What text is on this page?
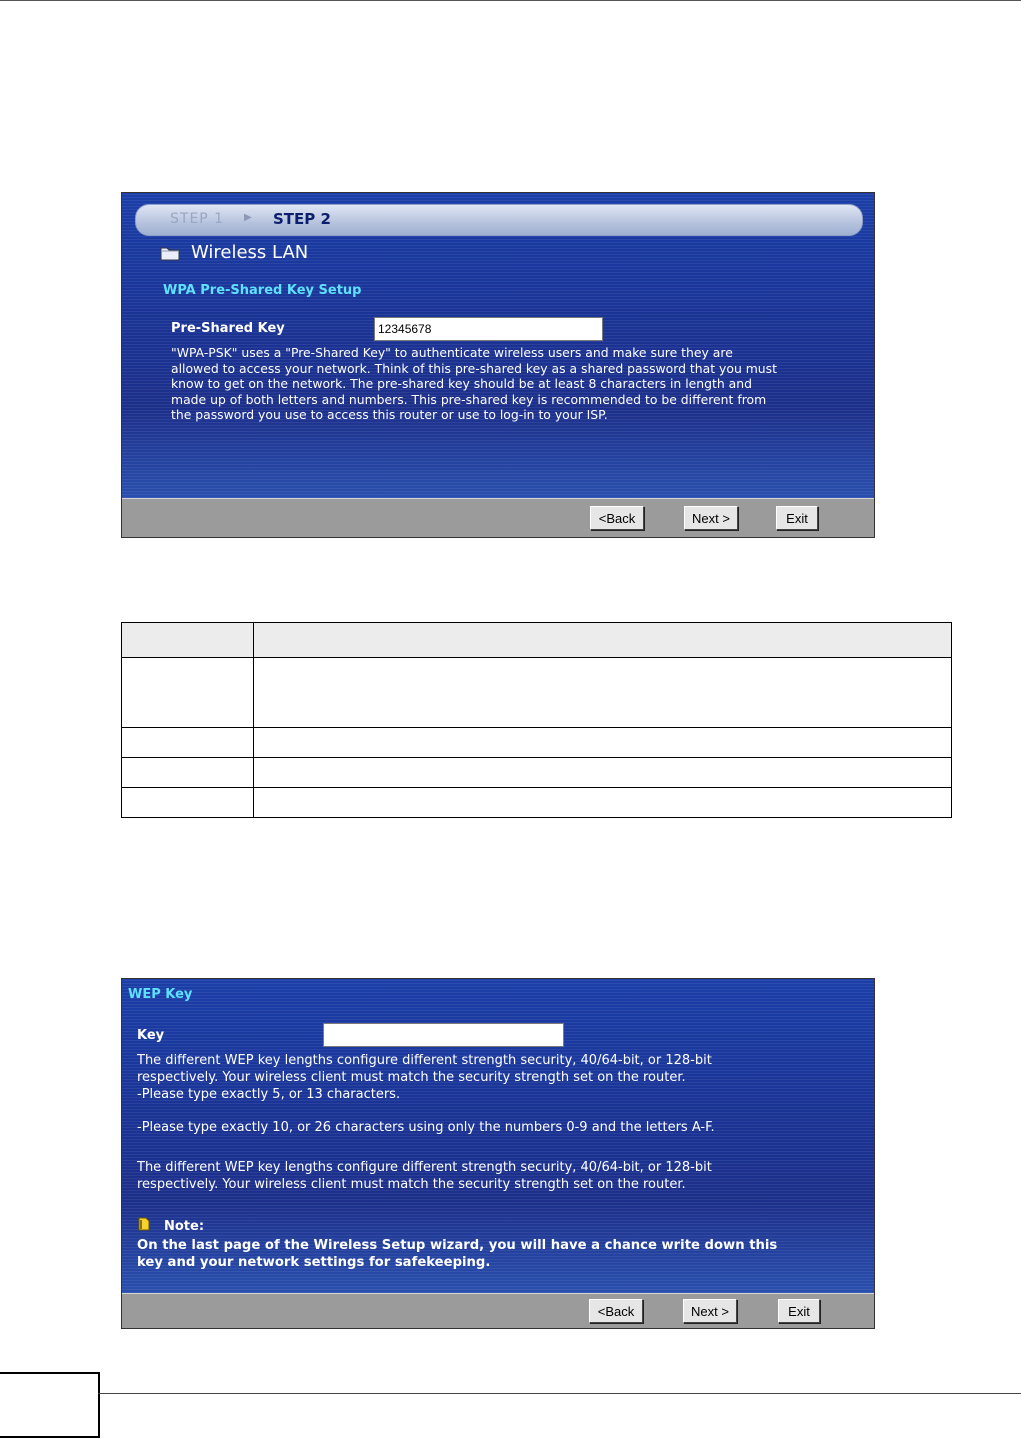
STEP 1 ▶ STEP 2
Wireless LAN
WPA Pre-Shared Key Setup
Pre-Shared Key
12345678
"WPA-PSK" uses a "Pre-Shared Key" to authenticate wireless users and make sure they are
allowed to access your network. Think of this pre-shared key as a shared password that you must
know to get on the network. The pre-shared key should be at least 8 characters in length and
made up of both letters and numbers. This pre-shared key is recommended to be different from
the password you use to access this router or use to log-in to your ISP.
<Back	Next >	Exit

WEP Key
Key
The different WEP key lengths configure different strength security, 40/64-bit, or 128-bit
respectively. Your wireless client must match the security strength set on the router.
-Please type exactly 5, or 13 characters.
-Please type exactly 10, or 26 characters using only the numbers 0-9 and the letters A-F.
The different WEP key lengths configure different strength security, 40/64-bit, or 128-bit
respectively. Your wireless client must match the security strength set on the router.
Note:
On the last page of the Wireless Setup wizard, you will have a chance write down this
key and your network settings for safekeeping.
<Back	Next >	Exit
